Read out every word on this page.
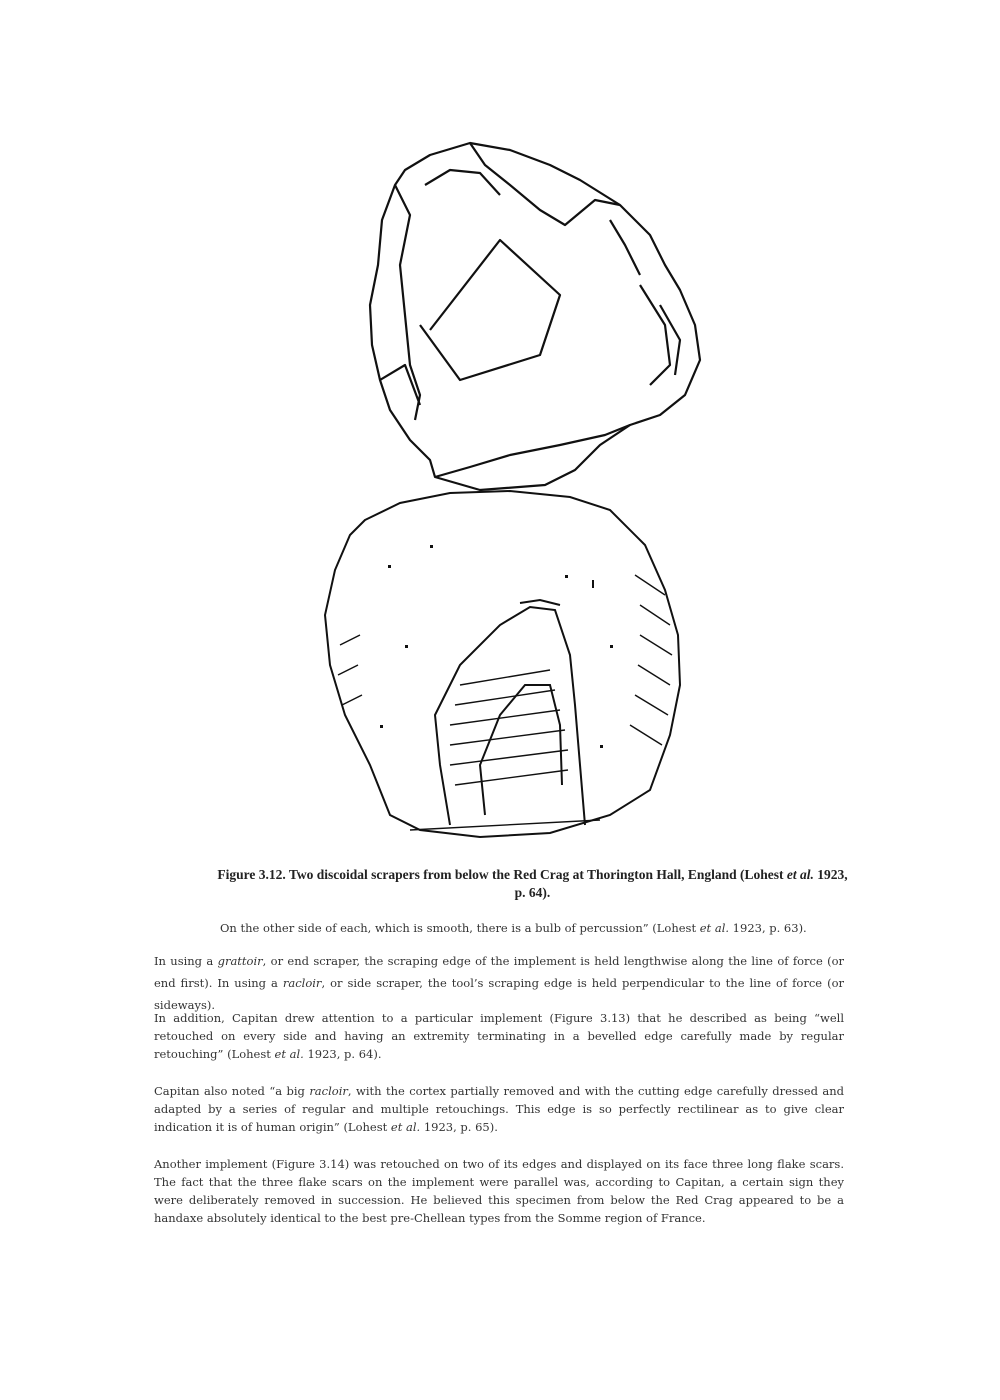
Figure 3.12. Two discoidal scrapers from below the Red Crag at Thorington Hall, England (Lohest et al. 1923, p. 64).
On the other side of each, which is smooth, there is a bulb of percussion” (Lohest et al. 1923, p. 63).
In using a grattoir, or end scraper, the scraping edge of the implement is held lengthwise along the line of force (or end first). In using a racloir, or side scraper, the tool’s scraping edge is held perpendicular to the line of force (or sideways).
In addition, Capitan drew attention to a particular implement (Figure 3.13) that he described as being “well retouched on every side and having an extremity terminating in a bevelled edge carefully made by regular retouching” (Lohest et al. 1923, p. 64).
Capitan also noted “a big racloir, with the cortex partially removed and with the cutting edge carefully dressed and adapted by a series of regular and multiple retouchings. This edge is so perfectly rectilinear as to give clear indication it is of human origin” (Lohest et al. 1923, p. 65).
Another implement (Figure 3.14) was retouched on two of its edges and displayed on its face three long flake scars. The fact that the three flake scars on the implement were parallel was, according to Capitan, a certain sign they were deliberately removed in succession. He believed this specimen from below the Red Crag appeared to be a handaxe absolutely identical to the best pre-Chellean types from the Somme region of France.
